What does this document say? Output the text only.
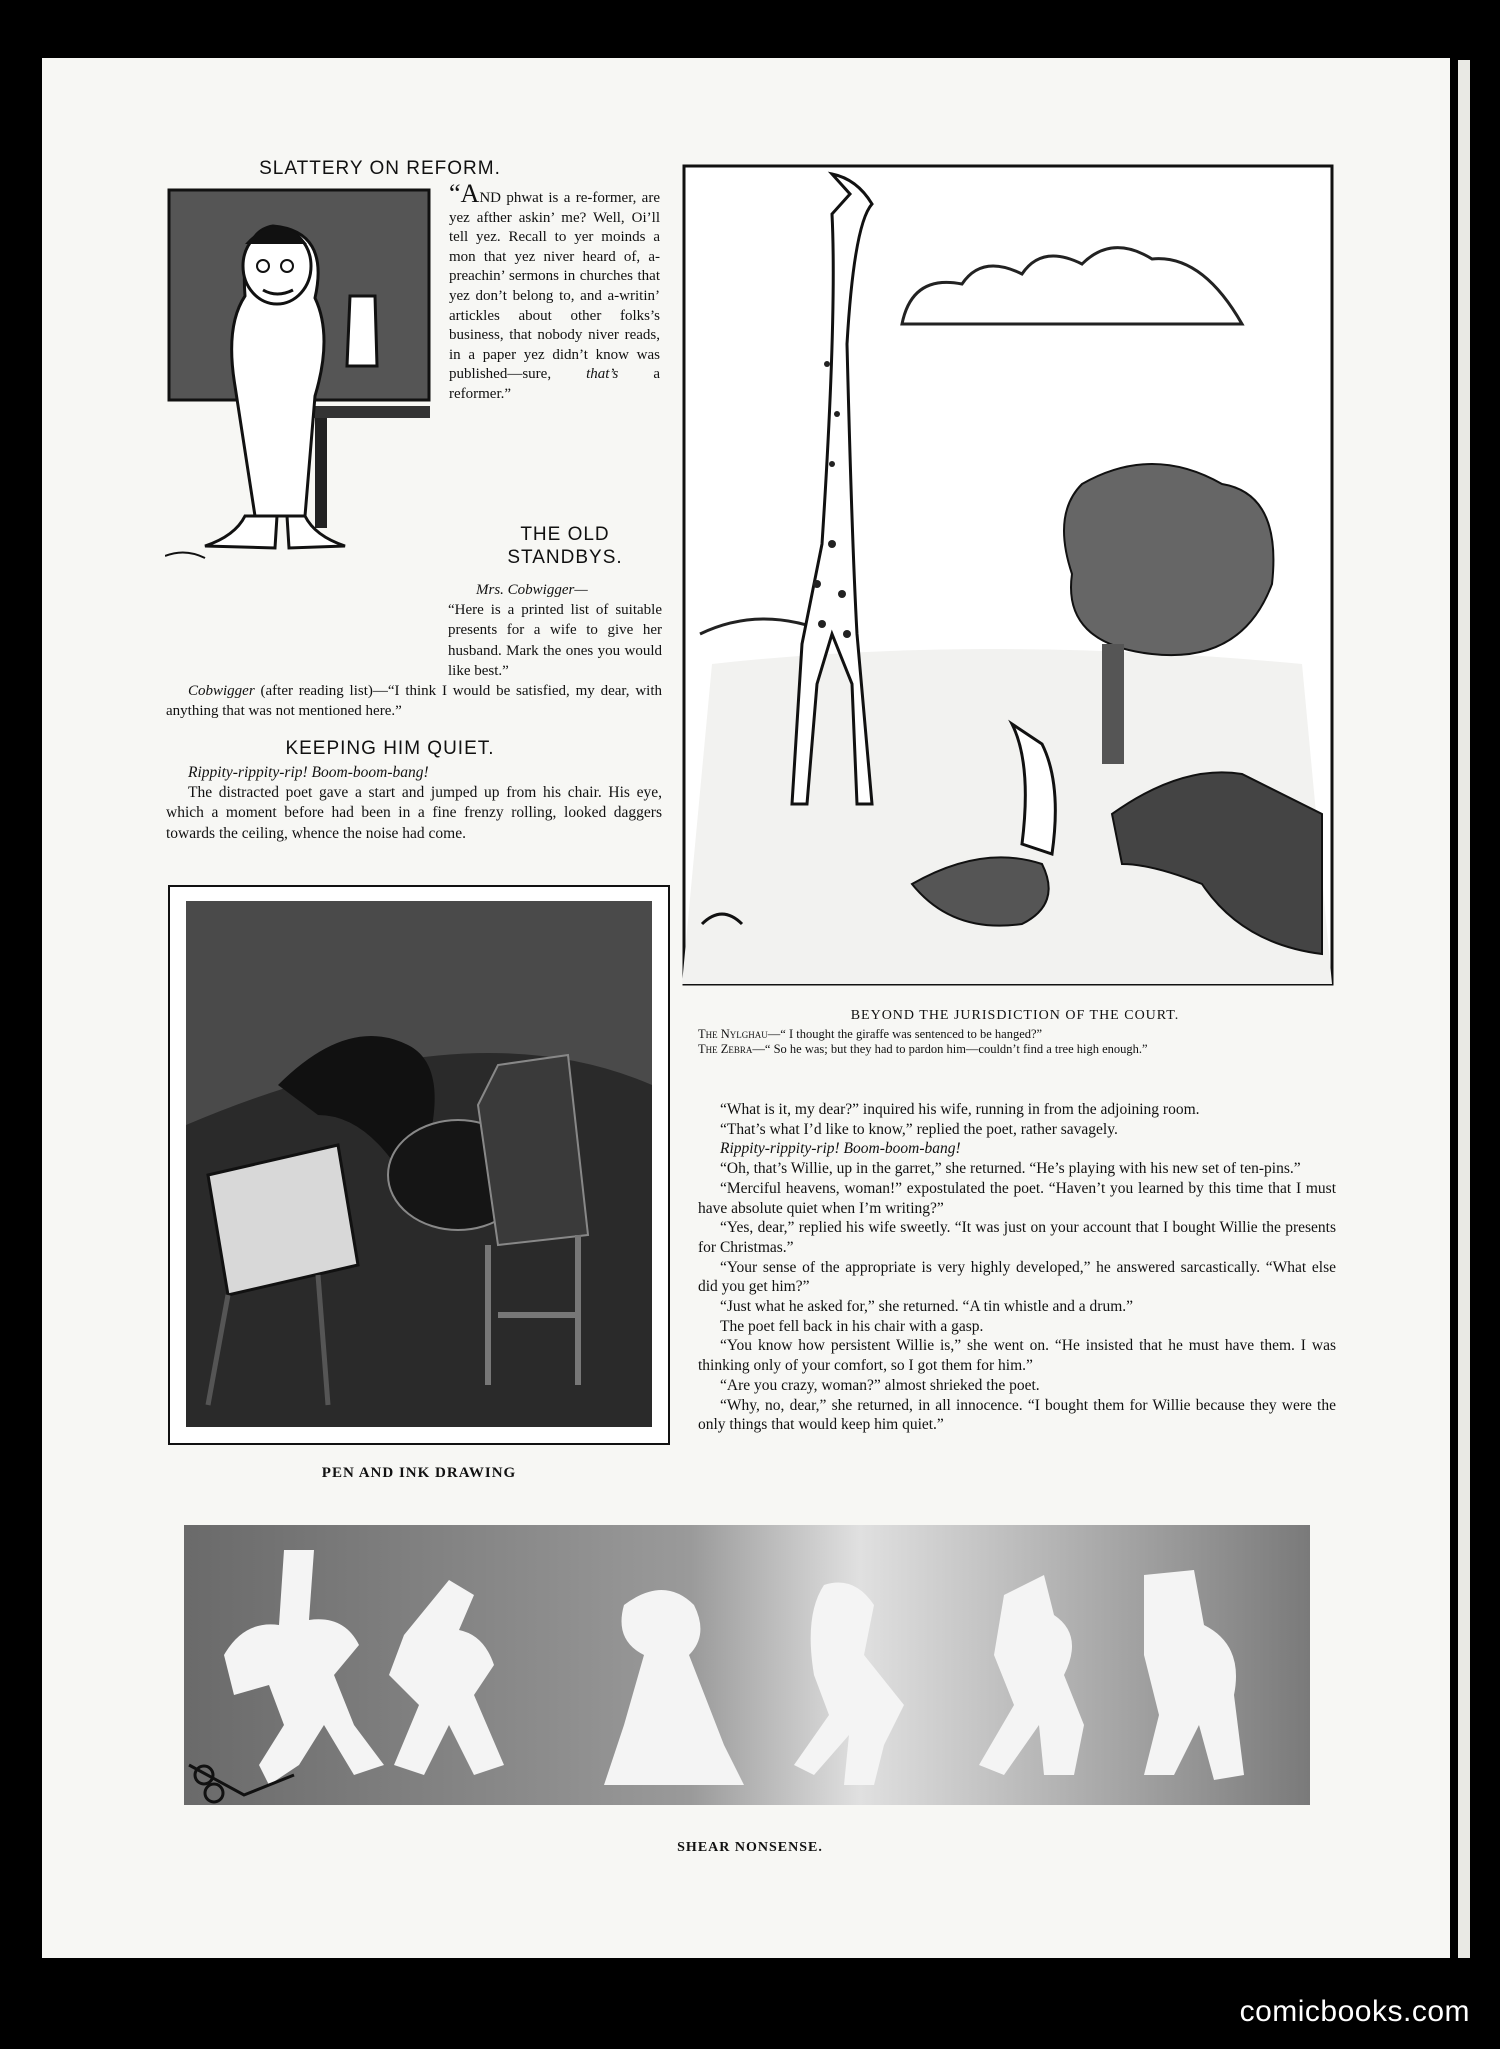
SLATTERY ON REFORM.

“AND phwat is a re-former, are yez afther askin’ me? Well, Oi’ll tell yez. Recall to yer moinds a mon that yez niver heard of, a-preachin’ sermons in churches that yez don’t belong to, and a-writin’ artickles about other folks’s business, that nobody niver reads, in a paper yez didn’t know was published—sure, that’s a reformer.”

THE OLD
STANDBYS.

Mrs. Cobwigger—

“Here is a printed list of suitable presents for a wife to give her husband. Mark the ones you would like best.”

Cobwigger (after reading list)—“I think I would be satisfied, my dear, with anything that was not mentioned here.”

KEEPING HIM QUIET.

Rippity-rippity-rip! Boom-boom-bang!

The distracted poet gave a start and jumped up from his chair. His eye, which a moment before had been in a fine frenzy rolling, looked daggers towards the ceiling, whence the noise had come.

BEYOND THE JURISDICTION OF THE COURT.

The Nylghau—“ I thought the giraffe was sentenced to be hanged?”

The Zebra—“ So he was; but they had to pardon him—couldn’t find a tree high enough.”

PEN AND INK DRAWING

“What is it, my dear?” inquired his wife, running in from the adjoining room.

“That’s what I’d like to know,” replied the poet, rather savagely.

Rippity-rippity-rip! Boom-boom-bang!

“Oh, that’s Willie, up in the garret,” she returned. “He’s playing with his new set of ten-pins.”

“Merciful heavens, woman!” expostulated the poet. “Haven’t you learned by this time that I must have absolute quiet when I’m writing?”

“Yes, dear,” replied his wife sweetly. “It was just on your account that I bought Willie the presents for Christmas.”

“Your sense of the appropriate is very highly developed,” he answered sarcastically. “What else did you get him?”

“Just what he asked for,” she returned. “A tin whistle and a drum.”

The poet fell back in his chair with a gasp.

“You know how persistent Willie is,” she went on. “He insisted that he must have them. I was thinking only of your comfort, so I got them for him.”

“Are you crazy, woman?” almost shrieked the poet.

“Why, no, dear,” she returned, in all innocence. “I bought them for Willie because they were the only things that would keep him quiet.”

SHEAR NONSENSE.
comicbooks.com
